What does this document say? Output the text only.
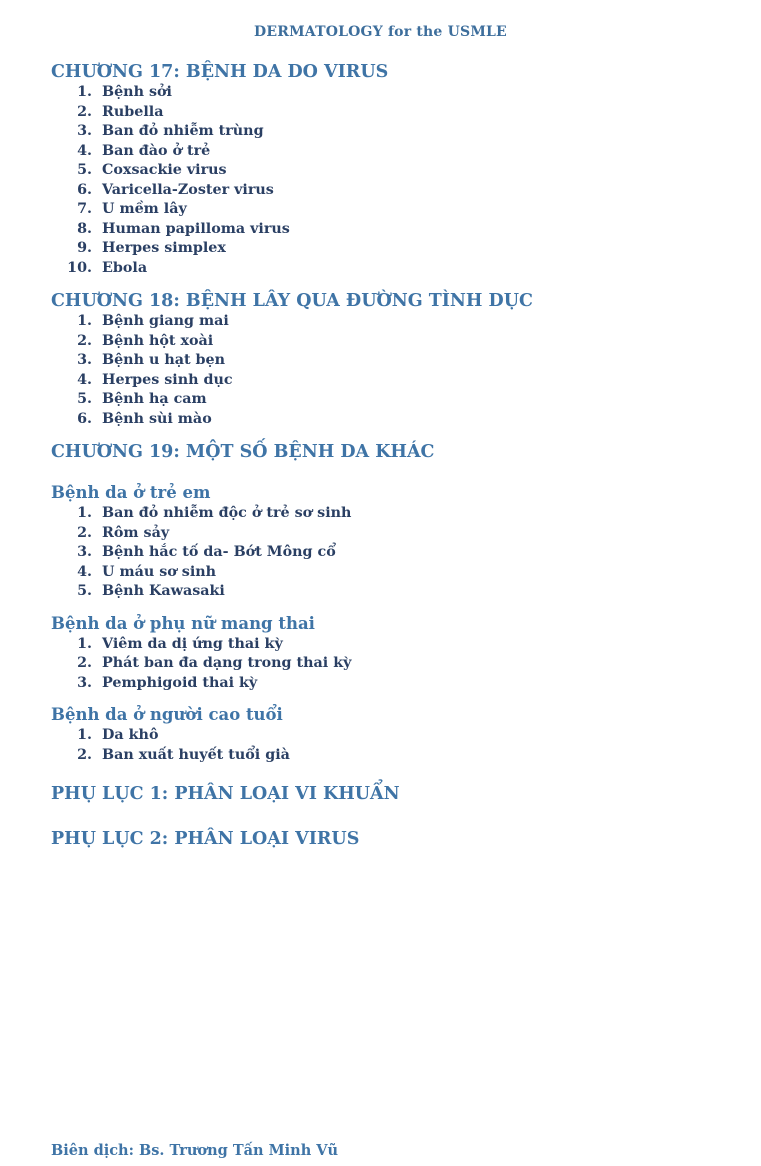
DERMATOLOGY for the USMLE
CHƯƠNG 17: BỆNH DA DO VIRUS
1. Bệnh sởi
2. Rubella
3. Ban đỏ nhiễm trùng
4. Ban đào ở trẻ
5. Coxsackie virus
6. Varicella-Zoster virus
7. U mềm lây
8. Human papilloma virus
9. Herpes simplex
10. Ebola
CHƯƠNG 18: BỆNH LÂY QUA ĐƯỜNG TÌNH DỤC
1. Bệnh giang mai
2. Bệnh hột xoài
3. Bệnh u hạt bẹn
4. Herpes sinh dục
5. Bệnh hạ cam
6. Bệnh sùi mào
CHƯƠNG 19: MỘT SỐ BỆNH DA KHÁC
Bệnh da ở trẻ em
1. Ban đỏ nhiễm độc ở trẻ sơ sinh
2. Rôm sảy
3. Bệnh hắc tố da- Bớt Mông cổ
4. U máu sơ sinh
5. Bệnh Kawasaki
Bệnh da ở phụ nữ mang thai
1. Viêm da dị ứng thai kỳ
2. Phát ban đa dạng trong thai kỳ
3. Pemphigoid thai kỳ
Bệnh da ở người cao tuổi
1. Da khô
2. Ban xuất huyết tuổi già
PHỤ LỤC 1: PHÂN LOẠI VI KHUẨN
PHỤ LỤC 2: PHÂN LOẠI VIRUS
Biên dịch: Bs. Trương Tấn Minh Vũ
